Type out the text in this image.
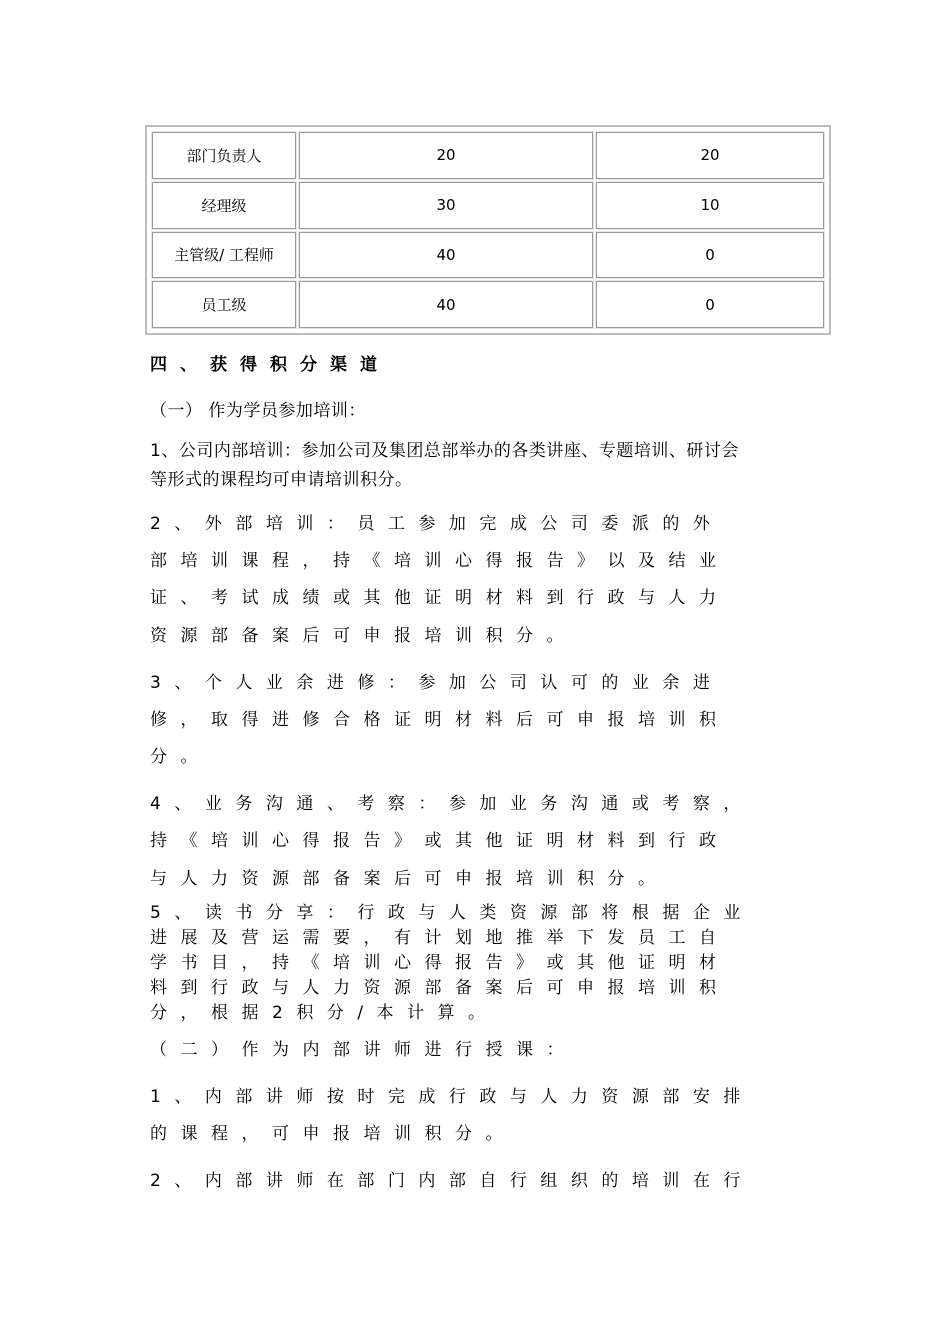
部门负责人	20	20
经理级	30	10
主管级/ 工程师	40	0
员工级	40	0
四、获得积分渠道
（一） 作为学员参加培训：
1、公司内部培训：参加公司及集团总部举办的各类讲座、专题培训、研讨会
等形式的课程均可申请培训积分。
2、外部培训：员工参加完成公司委派的外
部培训课程，持《培训心得报告》以及结业
证、考试成绩或其他证明材料到行政与人力
资源部备案后可申报培训积分。
3、个人业余进修：参加公司认可的业余进
修，取得进修合格证明材料后可申报培训积
分。
4、业务沟通、考察：参加业务沟通或考察，
持《培训心得报告》或其他证明材料到行政
与人力资源部备案后可申报培训积分。
5、读书分享：行政与人类资源部将根据企业
进展及营运需要，有计划地推举下发员工自
学书目，持《培训心得报告》或其他证明材
料到行政与人力资源部备案后可申报培训积
分，根据2积分/本计算。
（二）作为内部讲师进行授课：
1、内部讲师按时完成行政与人力资源部安排
的课程，可申报培训积分。
2、内部讲师在部门内部自行组织的培训在行
